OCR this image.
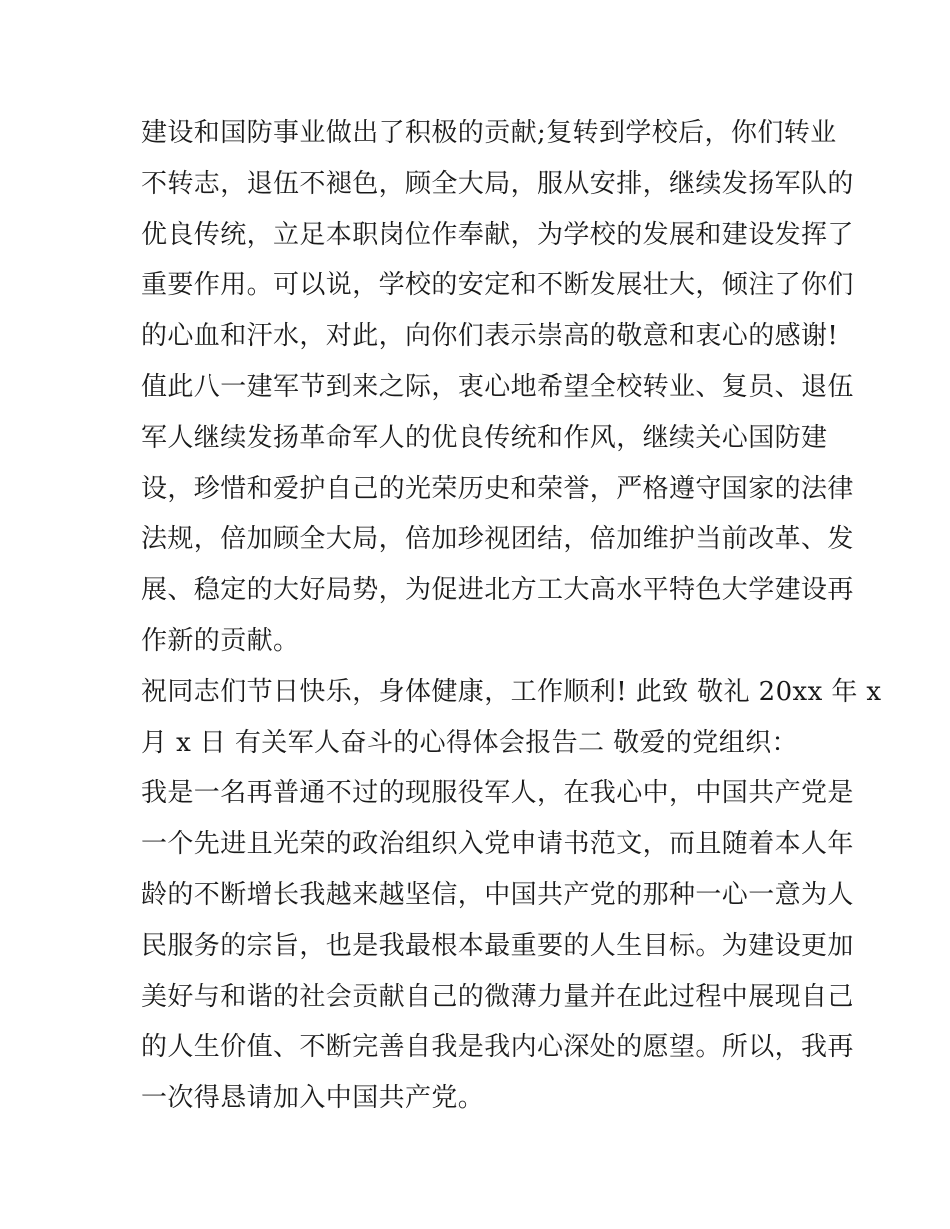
建设和国防事业做出了积极的贡献;复转到学校后，你们转业
不转志，退伍不褪色，顾全大局，服从安排，继续发扬军队的
优良传统，立足本职岗位作奉献，为学校的发展和建设发挥了
重要作用。可以说，学校的安定和不断发展壮大，倾注了你们
的心血和汗水，对此，向你们表示崇高的敬意和衷心的感谢!
值此八一建军节到来之际，衷心地希望全校转业、复员、退伍
军人继续发扬革命军人的优良传统和作风，继续关心国防建
设，珍惜和爱护自己的光荣历史和荣誉，严格遵守国家的法律
法规，倍加顾全大局，倍加珍视团结，倍加维护当前改革、发
展、稳定的大好局势，为促进北方工大高水平特色大学建设再
作新的贡献。
祝同志们节日快乐，身体健康，工作顺利! 此致 敬礼 20xx 年 x
月 x 日 有关军人奋斗的心得体会报告二 敬爱的党组织：
我是一名再普通不过的现服役军人，在我心中，中国共产党是
一个先进且光荣的政治组织入党申请书范文，而且随着本人年
龄的不断增长我越来越坚信，中国共产党的那种一心一意为人
民服务的宗旨，也是我最根本最重要的人生目标。为建设更加
美好与和谐的社会贡献自己的微薄力量并在此过程中展现自己
的人生价值、不断完善自我是我内心深处的愿望。所以，我再
一次得恳请加入中国共产党。
